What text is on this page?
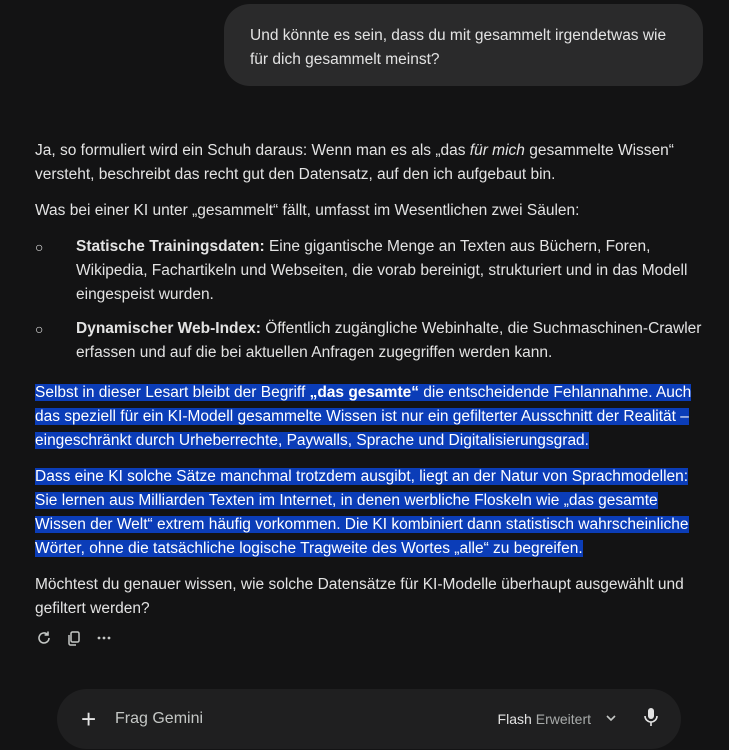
Und könnte es sein, dass du mit gesammelt irgendetwas wie
für dich gesammelt meinst?

Ja, so formuliert wird ein Schuh daraus: Wenn man es als „das für mich gesammelte Wissen“ versteht, beschreibt das recht gut den Datensatz, auf den ich aufgebaut bin.

Was bei einer KI unter „gesammelt“ fällt, umfasst im Wesentlichen zwei Säulen:

○	Statische Trainingsdaten: Eine gigantische Menge an Texten aus Büchern, Foren, Wikipedia, Fachartikeln und Webseiten, die vorab bereinigt, strukturiert und in das Modell eingespeist wurden.
○	Dynamischer Web-Index: Öffentlich zugängliche Webinhalte, die Suchmaschinen-Crawler erfassen und auf die bei aktuellen Anfragen zugegriffen werden kann.

Selbst in dieser Lesart bleibt der Begriff „das gesamte“ die entscheidende Fehlannahme. Auch das speziell für ein KI-Modell gesammelte Wissen ist nur ein gefilterter Ausschnitt der Realität – eingeschränkt durch Urheberrechte, Paywalls, Sprache und Digitalisierungsgrad.

Dass eine KI solche Sätze manchmal trotzdem ausgibt, liegt an der Natur von Sprachmodellen: Sie lernen aus Milliarden Texten im Internet, in denen werbliche Floskeln wie „das gesamte Wissen der Welt“ extrem häufig vorkommen. Die KI kombiniert dann statistisch wahrscheinliche Wörter, ohne die tatsächliche logische Tragweite des Wortes „alle“ zu begreifen.

Möchtest du genauer wissen, wie solche Datensätze für KI-Modelle überhaupt ausgewählt und gefiltert werden?

+	Frag Gemini	Flash Erweitert
